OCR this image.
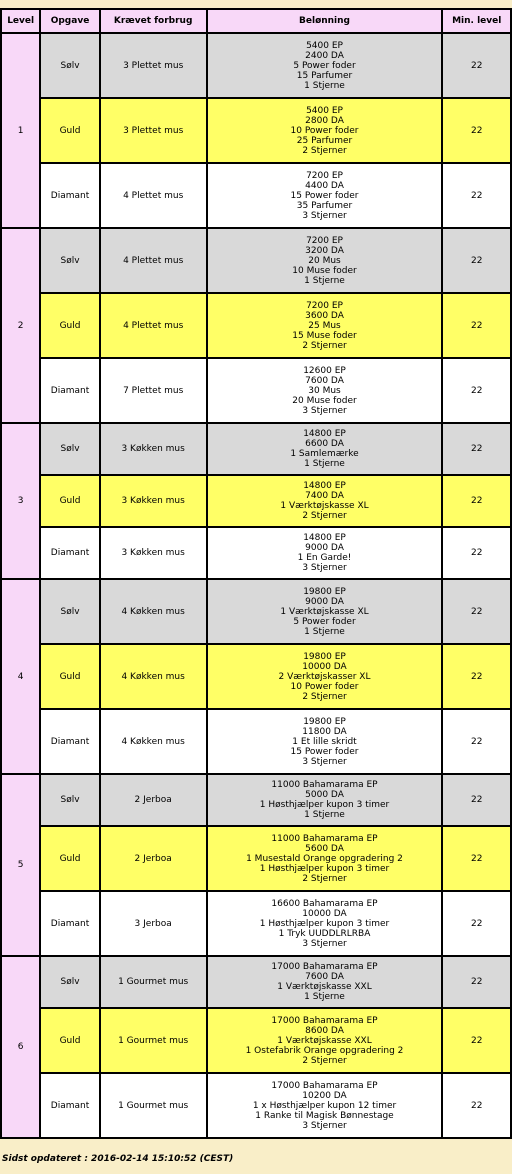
Level	Opgave	Krævet forbrug	Belønning	Min. level
1	Sølv	3 Plettet mus	5400 EP
2400 DA
5 Power foder
15 Parfumer
1 Stjerne	22
	Guld	3 Plettet mus	5400 EP
2800 DA
10 Power foder
25 Parfumer
2 Stjerner	22
	Diamant	4 Plettet mus	7200 EP
4400 DA
15 Power foder
35 Parfumer
3 Stjerner	22
2	Sølv	4 Plettet mus	7200 EP
3200 DA
20 Mus
10 Muse foder
1 Stjerne	22
	Guld	4 Plettet mus	7200 EP
3600 DA
25 Mus
15 Muse foder
2 Stjerner	22
	Diamant	7 Plettet mus	12600 EP
7600 DA
30 Mus
20 Muse foder
3 Stjerner	22
3	Sølv	3 Køkken mus	14800 EP
6600 DA
1 Samlemærke
1 Stjerne	22
	Guld	3 Køkken mus	14800 EP
7400 DA
1 Værktøjskasse XL
2 Stjerner	22
	Diamant	3 Køkken mus	14800 EP
9000 DA
1 En Garde!
3 Stjerner	22
4	Sølv	4 Køkken mus	19800 EP
9000 DA
1 Værktøjskasse XL
5 Power foder
1 Stjerne	22
	Guld	4 Køkken mus	19800 EP
10000 DA
2 Værktøjskasser XL
10 Power foder
2 Stjerner	22
	Diamant	4 Køkken mus	19800 EP
11800 DA
1 Et lille skridt
15 Power foder
3 Stjerner	22
5	Sølv	2 Jerboa	11000 Bahamarama EP
5000 DA
1 Høsthjælper kupon 3 timer
1 Stjerne	22
	Guld	2 Jerboa	11000 Bahamarama EP
5600 DA
1 Musestald Orange opgradering 2
1 Høsthjælper kupon 3 timer
2 Stjerner	22
	Diamant	3 Jerboa	16600 Bahamarama EP
10000 DA
1 Høsthjælper kupon 3 timer
1 Tryk UUDDLRLRBA
3 Stjerner	22
6	Sølv	1 Gourmet mus	17000 Bahamarama EP
7600 DA
1 Værktøjskasse XXL
1 Stjerne	22
	Guld	1 Gourmet mus	17000 Bahamarama EP
8600 DA
1 Værktøjskasse XXL
1 Ostefabrik Orange opgradering 2
2 Stjerner	22
	Diamant	1 Gourmet mus	17000 Bahamarama EP
10200 DA
1 x Høsthjælper kupon 12 timer
1 Ranke til Magisk Bønnestage
3 Stjerner	22
Sidst opdateret : 2016-02-14 15:10:52 (CEST)
